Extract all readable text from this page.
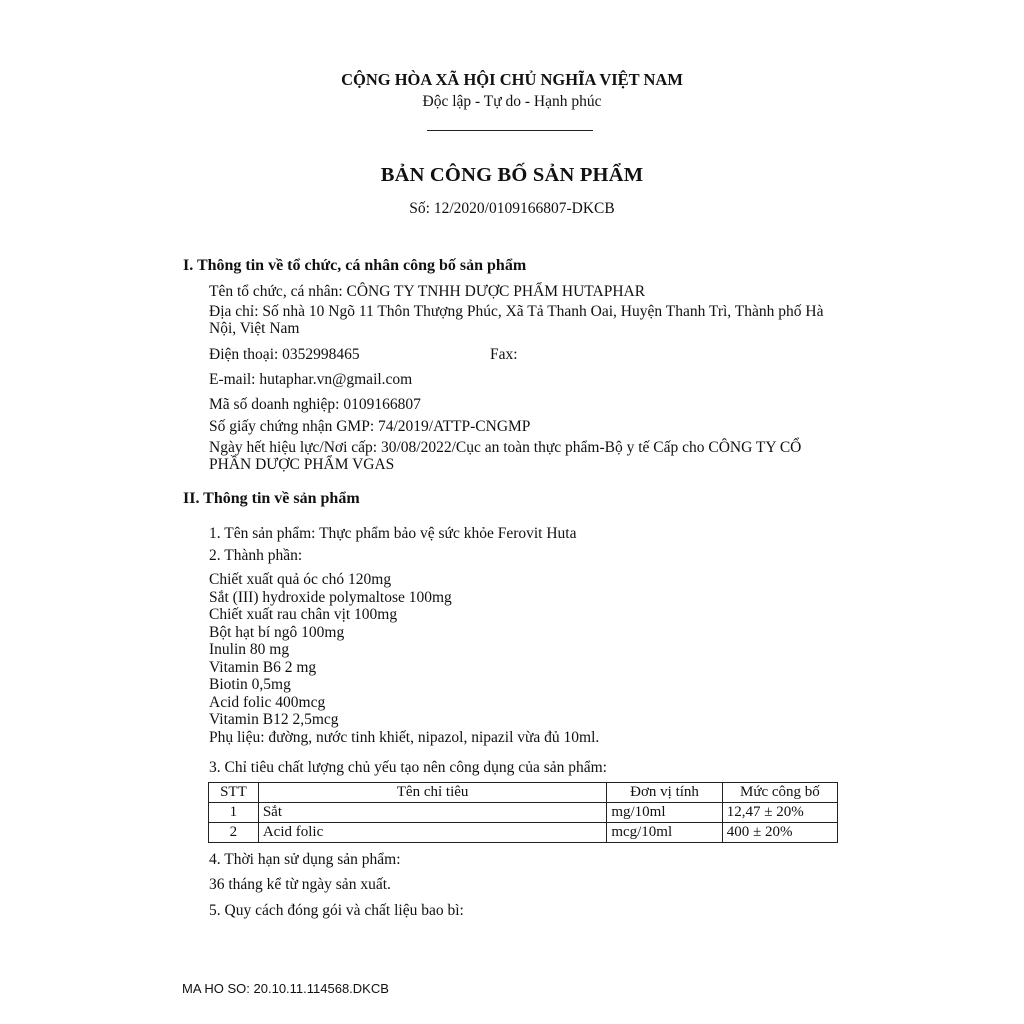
CỘNG HÒA XÃ HỘI CHỦ NGHĨA VIỆT NAM
Độc lập - Tự do - Hạnh phúc
BẢN CÔNG BỐ SẢN PHẨM
Số: 12/2020/0109166807-DKCB
I. Thông tin về tổ chức, cá nhân công bố sản phẩm
Tên tổ chức, cá nhân: CÔNG TY TNHH DƯỢC PHẨM HUTAPHAR
Địa chỉ: Số nhà 10 Ngõ 11 Thôn Thượng Phúc, Xã Tả Thanh Oai, Huyện Thanh Trì, Thành phố Hà Nội, Việt Nam
Điện thoại: 0352998465	Fax:
E-mail: hutaphar.vn@gmail.com
Mã số doanh nghiệp: 0109166807
Số giấy chứng nhận GMP: 74/2019/ATTP-CNGMP
Ngày hết hiệu lực/Nơi cấp: 30/08/2022/Cục an toàn thực phẩm-Bộ y tế Cấp cho CÔNG TY CỔ PHẦN DƯỢC PHẨM VGAS
II. Thông tin về sản phẩm
1. Tên sản phẩm: Thực phẩm bảo vệ sức khỏe Ferovit Huta
2. Thành phần:
Chiết xuất quả óc chó 120mg
Sắt (III) hydroxide polymaltose 100mg
Chiết xuất rau chân vịt 100mg
Bột hạt bí ngô 100mg
Inulin 80 mg
Vitamin B6 2 mg
Biotin 0,5mg
Acid folic 400mcg
Vitamin B12 2,5mcg
Phụ liệu: đường, nước tinh khiết, nipazol, nipazil vừa đủ 10ml.
3. Chỉ tiêu chất lượng chủ yếu tạo nên công dụng của sản phẩm:
STT	Tên chỉ tiêu	Đơn vị tính	Mức công bố
1	Sắt	mg/10ml	12,47 ± 20%
2	Acid folic	mcg/10ml	400 ± 20%
4. Thời hạn sử dụng sản phẩm:
36 tháng kể từ ngày sản xuất.
5. Quy cách đóng gói và chất liệu bao bì:
MA HO SO: 20.10.11.114568.DKCB
